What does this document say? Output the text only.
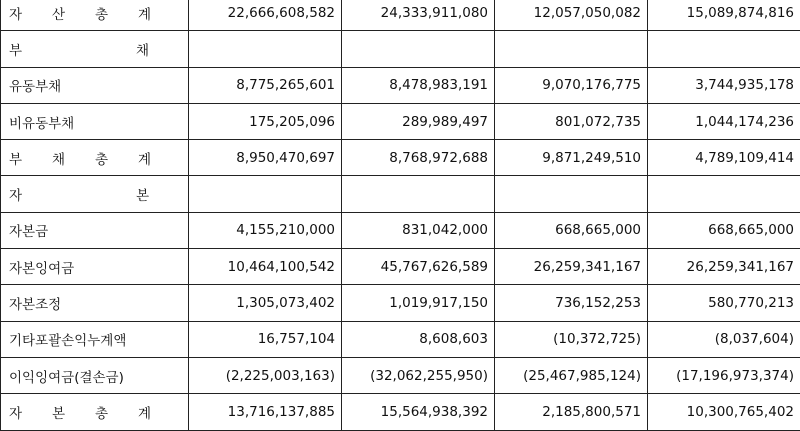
자 산 총 계	22,666,608,582	24,333,911,080	12,057,050,082	15,089,874,816

부 채				

유동부채	8,775,265,601	8,478,983,191	9,070,176,775	3,744,935,178
비유동부채	175,205,096	289,989,497	801,072,735	1,044,174,236

부 채 총 계	8,950,470,697	8,768,972,688	9,871,249,510	4,789,109,414

자 본				

자본금	4,155,210,000	831,042,000	668,665,000	668,665,000
자본잉여금	10,464,100,542	45,767,626,589	26,259,341,167	26,259,341,167
자본조정	1,305,073,402	1,019,917,150	736,152,253	580,770,213
기타포괄손익누계액	16,757,104	8,608,603	(10,372,725)	(8,037,604)
이익잉여금(결손금)	(2,225,003,163)	(32,062,255,950)	(25,467,985,124)	(17,196,973,374)

자 본 총 계	13,716,137,885	15,564,938,392	2,185,800,571	10,300,765,402
